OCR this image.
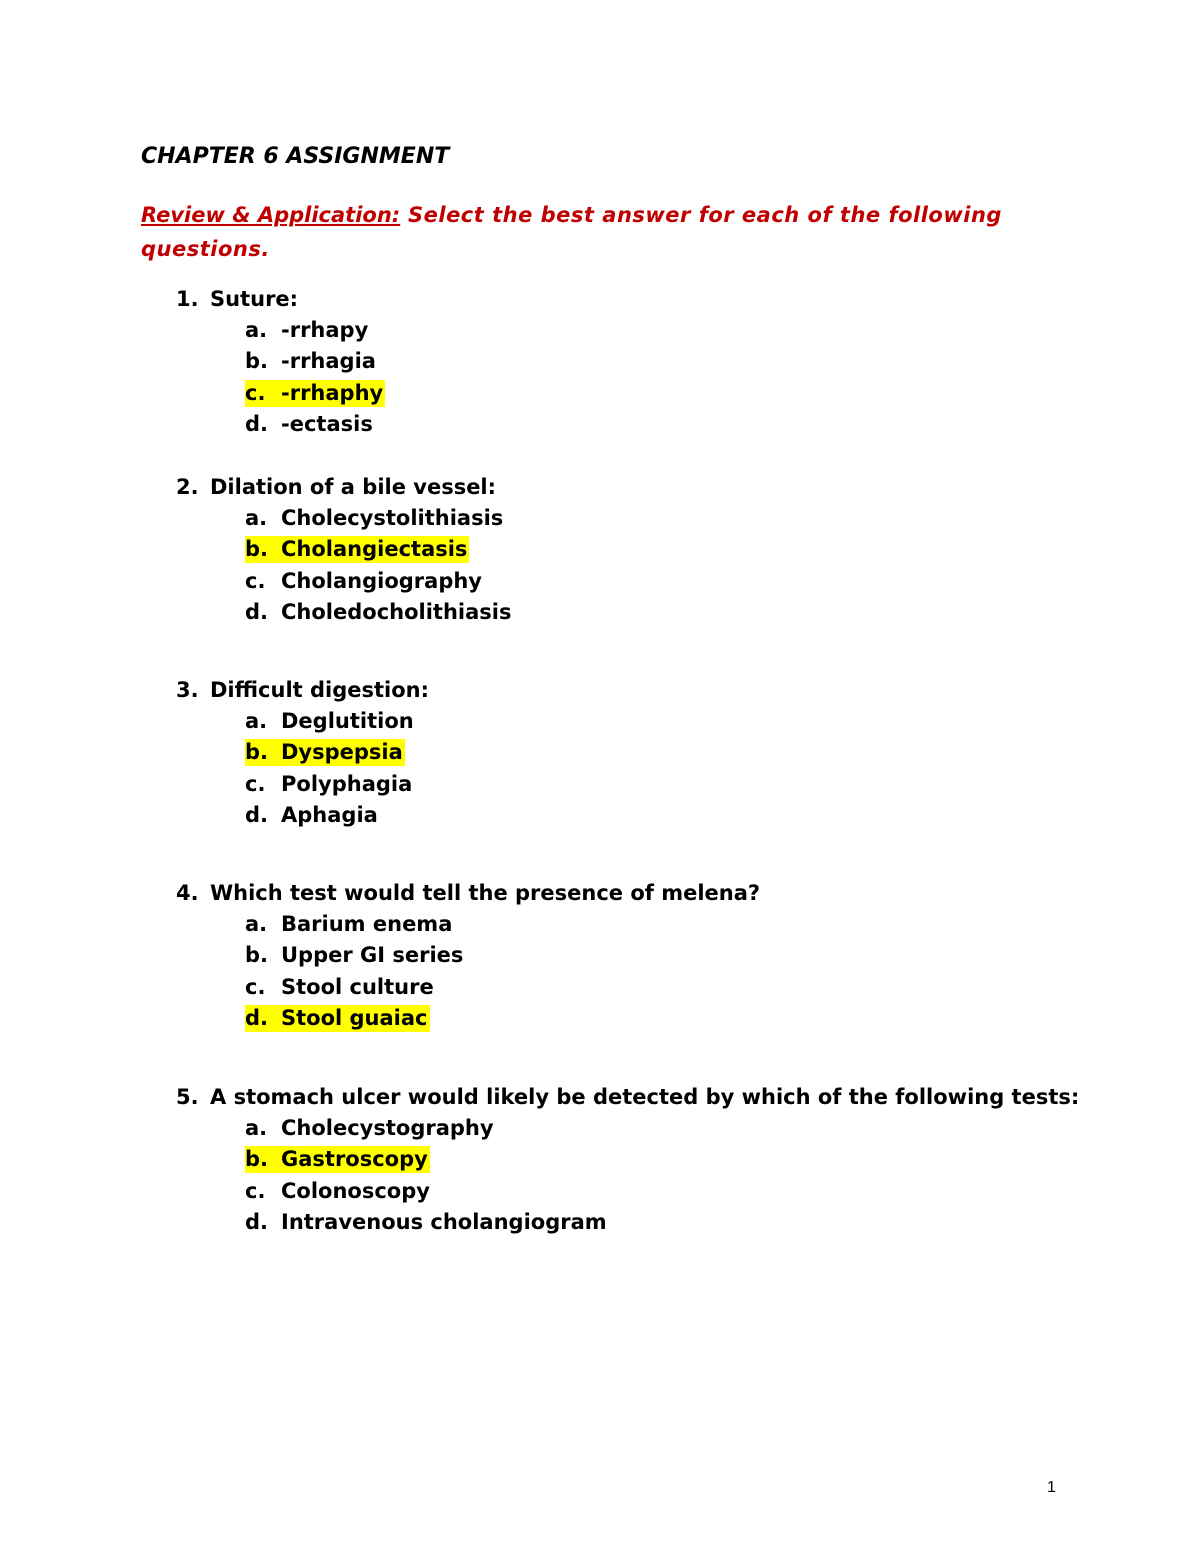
CHAPTER 6 ASSIGNMENT
Review & Application: Select the best answer for each of the following questions.
1. Suture:
a. -rrhapy
b. -rrhagia
c. -rrhaphy
d. -ectasis
2. Dilation of a bile vessel:
a. Cholecystolithiasis
b. Cholangiectasis
c. Cholangiography
d. Choledocholithiasis
3. Difficult digestion:
a. Deglutition
b. Dyspepsia
c. Polyphagia
d. Aphagia
4. Which test would tell the presence of melena?
a. Barium enema
b. Upper GI series
c. Stool culture
d. Stool guaiac
5. A stomach ulcer would likely be detected by which of the following tests:
a. Cholecystography
b. Gastroscopy
c. Colonoscopy
d. Intravenous cholangiogram
1
